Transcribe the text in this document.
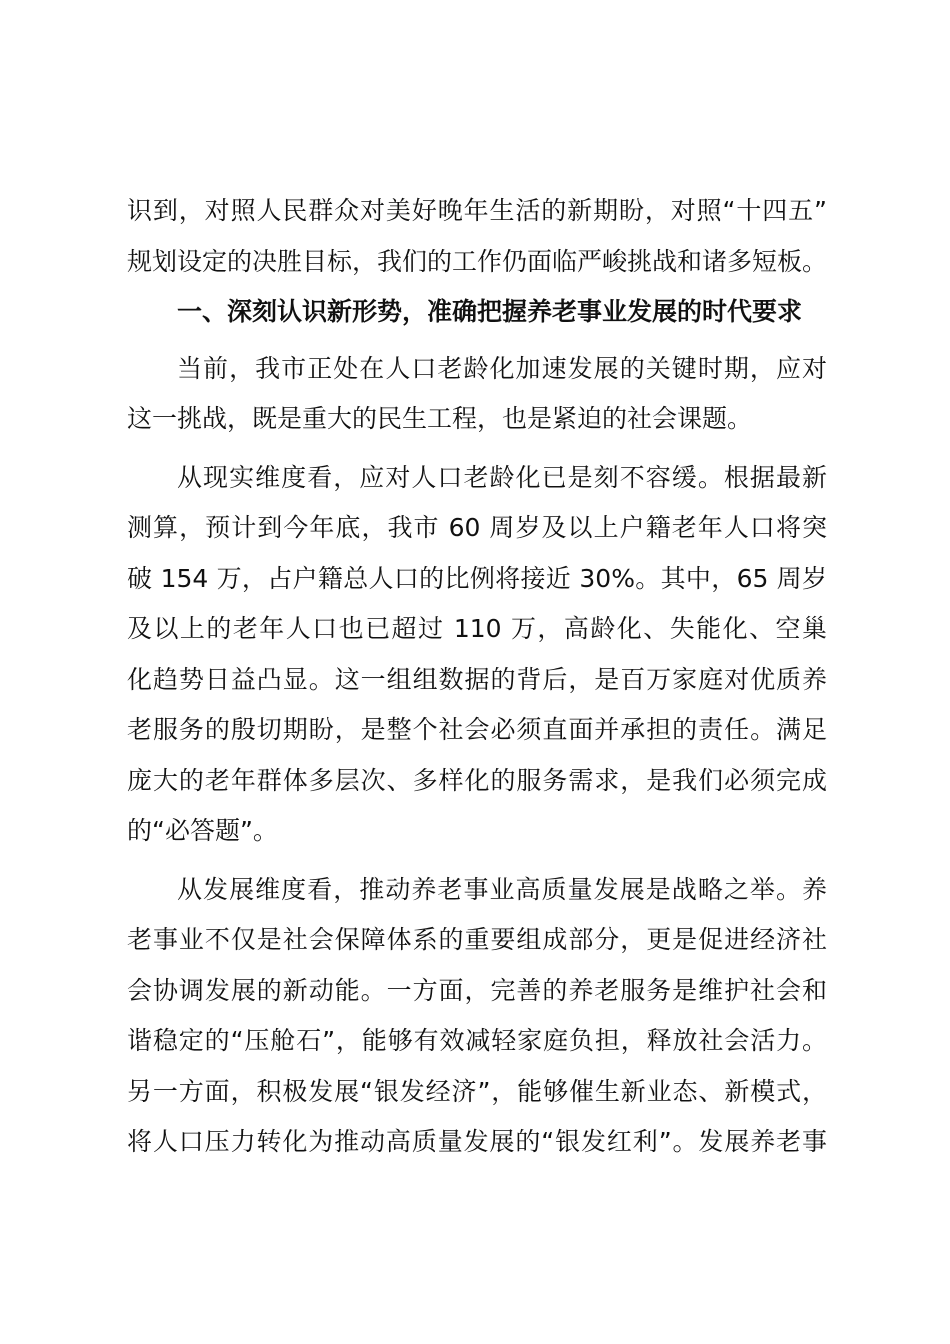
识到，对照人民群众对美好晚年生活的新期盼，对照“十四五”
规划设定的决胜目标，我们的工作仍面临严峻挑战和诸多短板。
一、深刻认识新形势，准确把握养老事业发展的时代要求
当前，我市正处在人口老龄化加速发展的关键时期，应对
这一挑战，既是重大的民生工程，也是紧迫的社会课题。
从现实维度看，应对人口老龄化已是刻不容缓。根据最新
测算，预计到今年底，我市 60 周岁及以上户籍老年人口将突
破 154 万，占户籍总人口的比例将接近 30%。其中，65 周岁
及以上的老年人口也已超过 110 万，高龄化、失能化、空巢
化趋势日益凸显。这一组组数据的背后，是百万家庭对优质养
老服务的殷切期盼，是整个社会必须直面并承担的责任。满足
庞大的老年群体多层次、多样化的服务需求，是我们必须完成
的“必答题”。
从发展维度看，推动养老事业高质量发展是战略之举。养
老事业不仅是社会保障体系的重要组成部分，更是促进经济社
会协调发展的新动能。一方面，完善的养老服务是维护社会和
谐稳定的“压舱石”，能够有效减轻家庭负担，释放社会活力。
另一方面，积极发展“银发经济”，能够催生新业态、新模式，
将人口压力转化为推动高质量发展的“银发红利”。发展养老事
